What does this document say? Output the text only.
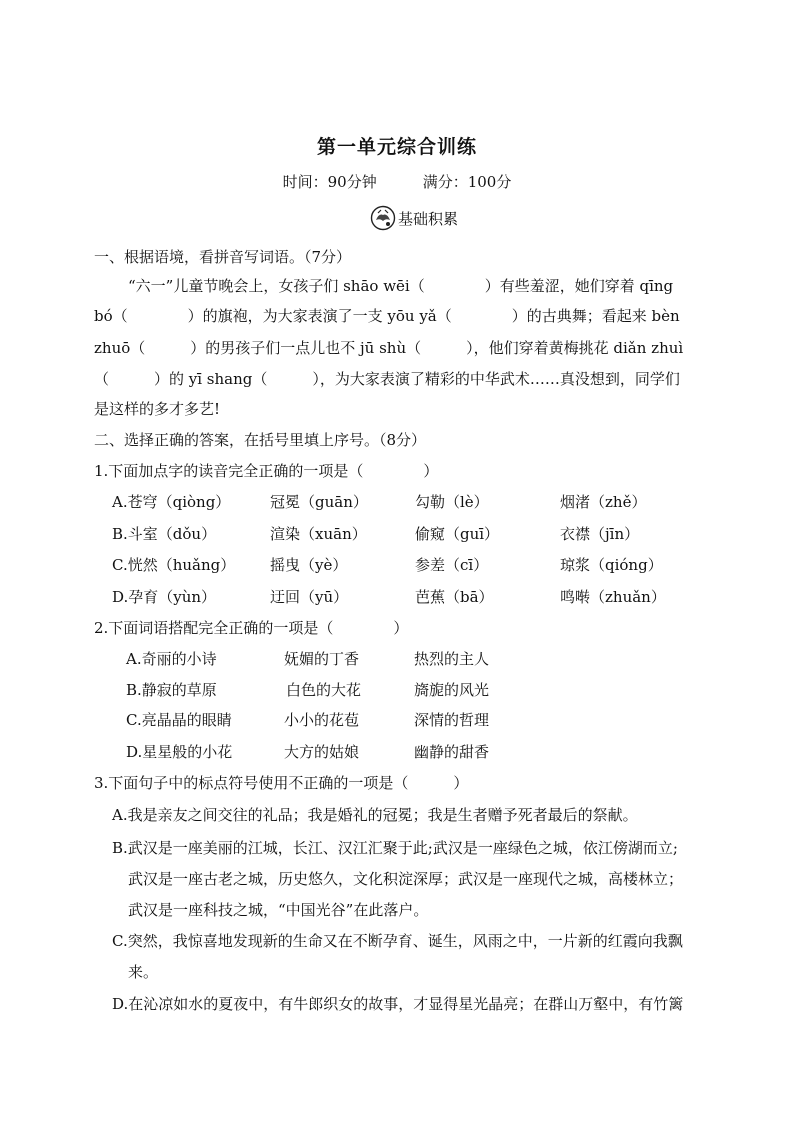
第一单元综合训练
时间：90分钟	满分：100分
基础积累
一、根据语境，看拼音写词语。（7分）
“六一”儿童节晚会上，女孩子们 shāo wēi（　　　　）有些羞涩，她们穿着 qīng
bó（　　　　）的旗袍，为大家表演了一支 yōu yǎ（　　　　）的古典舞；看起来 bèn
zhuō（　　　）的男孩子们一点儿也不 jū shù（　　　），他们穿着黄梅挑花 diǎn zhuì
（　　　）的 yī shang（　　　），为大家表演了精彩的中华武术……真没想到，同学们
是这样的多才多艺!
二、选择正确的答案，在括号里填上序号。（8分）
1.下面加点字的读音完全正确的一项是（　　　　）
A.苍穹（qiòng）	冠冕（guān）	勾勒（lè）	烟渚（zhě）
B.斗室（dǒu）	渲染（xuān）	偷窥（guī）	衣襟（jīn）
C.恍然（huǎng） 摇曳（yè）	参差（cī）	琼浆（qióng）
D.孕育（yùn）	迂回（yū）	芭蕉（bā）	鸣啭（zhuǎn）
2.下面词语搭配完全正确的一项是（　　　　）
A.奇丽的小诗	妩媚的丁香	热烈的主人
B.静寂的草原	白色的大花	旖旎的风光
C.亮晶晶的眼睛	小小的花苞	深情的哲理
D.星星般的小花	大方的姑娘	幽静的甜香
3.下面句子中的标点符号使用不正确的一项是（　　　）
A.我是亲友之间交往的礼品；我是婚礼的冠冕；我是生者赠予死者最后的祭献。
B.武汉是一座美丽的江城，长江、汉江汇聚于此;武汉是一座绿色之城，依江傍湖而立;
武汉是一座古老之城，历史悠久，文化积淀深厚；武汉是一座现代之城，高楼林立；
武汉是一座科技之城，“中国光谷”在此落户。
C.突然，我惊喜地发现新的生命又在不断孕育、诞生，风雨之中，一片新的红霞向我飘
来。
D.在沁凉如水的夏夜中，有牛郎织女的故事，才显得星光晶亮；在群山万壑中，有竹篱
